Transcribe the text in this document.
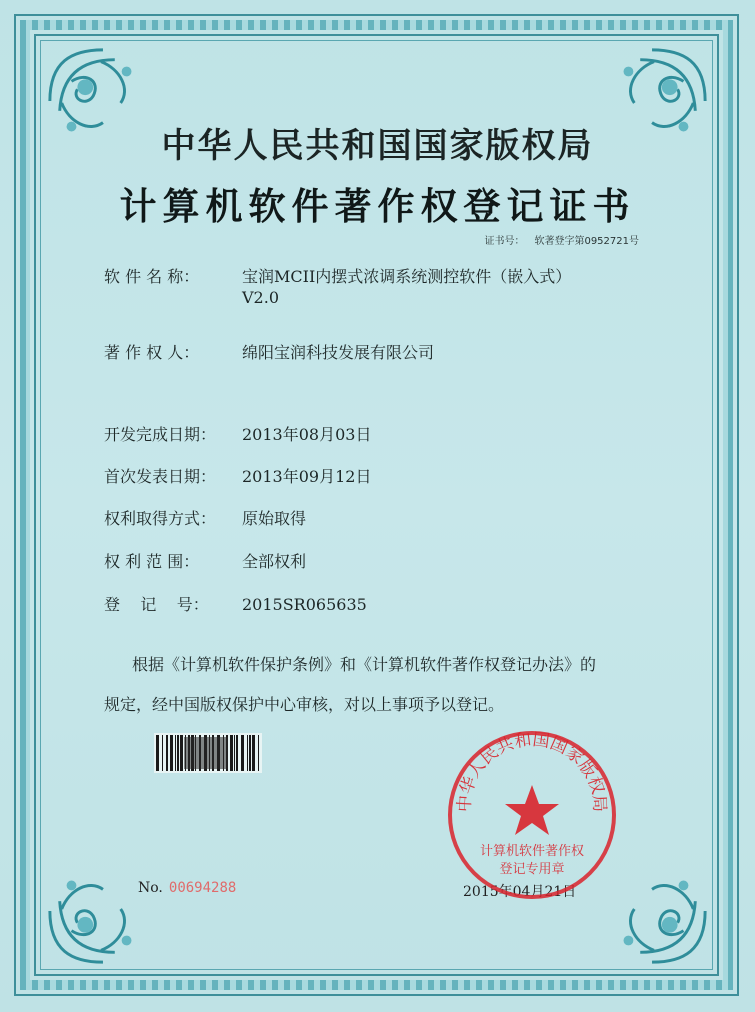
中华人民共和国国家版权局
计算机软件著作权登记证书
证书号： 软著登字第0952721号
软 件 名 称：	宝润MCII内摆式浓调系统测控软件（嵌入式）
V2.0
著 作 权 人：	绵阳宝润科技发展有限公司
开发完成日期： 2013年08月03日
首次发表日期： 2013年09月12日
权利取得方式： 原始取得
权 利 范 围：	全部权利
登    记    号： 2015SR065635
根据《计算机软件保护条例》和《计算机软件著作权登记办法》的
规定，经中国版权保护中心审核，对以上事项予以登记。
No. 00694288	2015年04月21日
中华人民共和国国家版权局
计算机软件著作权
登记专用章
